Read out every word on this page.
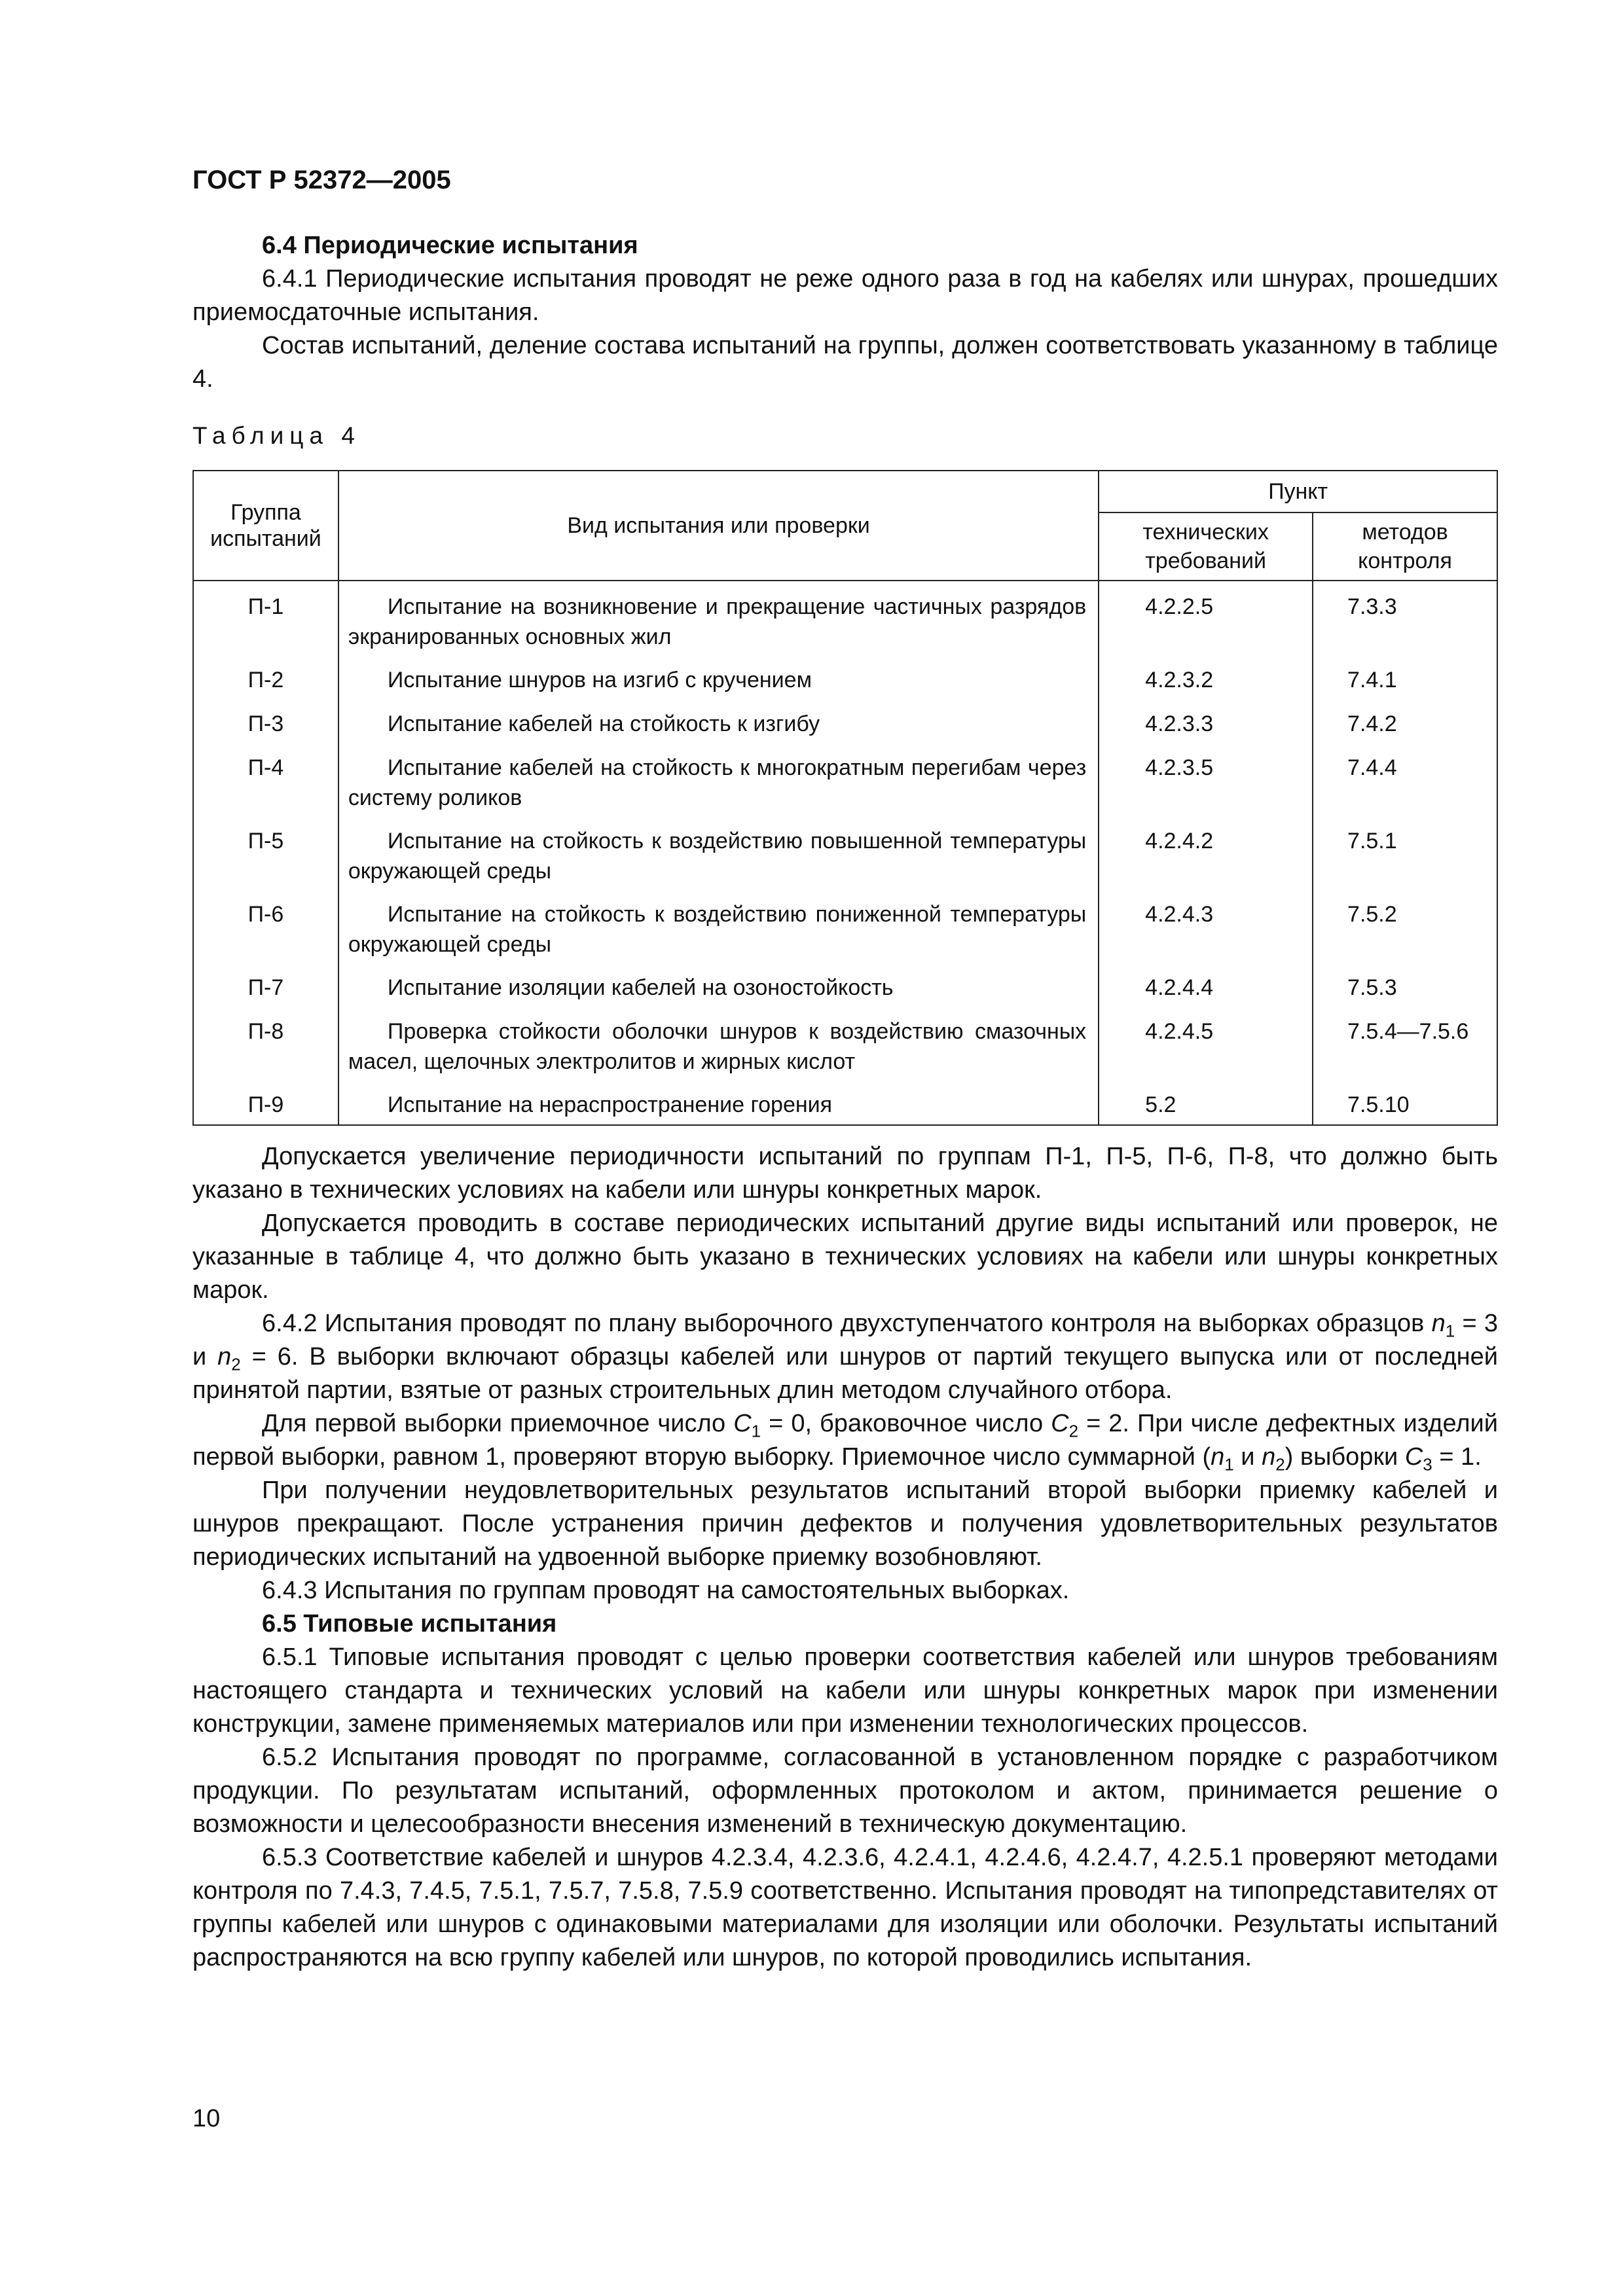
ГОСТ Р 52372—2005

6.4 Периодические испытания

6.4.1 Периодические испытания проводят не реже одного раза в год на кабелях или шнурах, прошедших приемосдаточные испытания.

Состав испытаний, деление состава испытаний на группы, должен соответствовать указанному в таблице 4.

Таблица 4
Группа испытаний	Вид испытания или проверки	Пункт	
		технических требований	методов контроля
П-1	Испытание на возникновение и прекращение частичных разрядов экранированных основных жил	4.2.2.5	7.3.3
П-2	Испытание шнуров на изгиб с кручением	4.2.3.2	7.4.1
П-3	Испытание кабелей на стойкость к изгибу	4.2.3.3	7.4.2
П-4	Испытание кабелей на стойкость к многократным перегибам через систему роликов	4.2.3.5	7.4.4
П-5	Испытание на стойкость к воздействию повышенной температуры окружающей среды	4.2.4.2	7.5.1
П-6	Испытание на стойкость к воздействию пониженной температуры окружающей среды	4.2.4.3	7.5.2
П-7	Испытание изоляции кабелей на озоностойкость	4.2.4.4	7.5.3
П-8	Проверка стойкости оболочки шнуров к воздействию смазочных масел, щелочных электролитов и жирных кислот	4.2.4.5	7.5.4—7.5.6
П-9	Испытание на нераспространение горения	5.2	7.5.10

Допускается увеличение периодичности испытаний по группам П-1, П-5, П-6, П-8, что должно быть указано в технических условиях на кабели или шнуры конкретных марок.

Допускается проводить в составе периодических испытаний другие виды испытаний или проверок, не указанные в таблице 4, что должно быть указано в технических условиях на кабели или шнуры конкретных марок.

6.4.2 Испытания проводят по плану выборочного двухступенчатого контроля на выборках образцов $n_1 = 3$ и $n_2 = 6$. В выборки включают образцы кабелей или шнуров от партий текущего выпуска или от последней принятой партии, взятые от разных строительных длин методом случайного отбора.

Для первой выборки приемочное число $C_1 = 0$, браковочное число $C_2 = 2$. При числе дефектных изделий первой выборки, равном 1, проверяют вторую выборку. Приемочное число суммарной ($n_1$ и $n_2$) выборки $C_3 = 1$.

При получении неудовлетворительных результатов испытаний второй выборки приемку кабелей и шнуров прекращают. После устранения причин дефектов и получения удовлетворительных результатов периодических испытаний на удвоенной выборке приемку возобновляют.

6.4.3 Испытания по группам проводят на самостоятельных выборках.

6.5 Типовые испытания

6.5.1 Типовые испытания проводят с целью проверки соответствия кабелей или шнуров требованиям настоящего стандарта и технических условий на кабели или шнуры конкретных марок при изменении конструкции, замене применяемых материалов или при изменении технологических процессов.

6.5.2 Испытания проводят по программе, согласованной в установленном порядке с разработчиком продукции. По результатам испытаний, оформленных протоколом и актом, принимается решение о возможности и целесообразности внесения изменений в техническую документацию.

6.5.3 Соответствие кабелей и шнуров 4.2.3.4, 4.2.3.6, 4.2.4.1, 4.2.4.6, 4.2.4.7, 4.2.5.1 проверяют методами контроля по 7.4.3, 7.4.5, 7.5.1, 7.5.7, 7.5.8, 7.5.9 соответственно. Испытания проводят на типопредставителях от группы кабелей или шнуров с одинаковыми материалами для изоляции или оболочки. Результаты испытаний распространяются на всю группу кабелей или шнуров, по которой проводились испытания.

10
